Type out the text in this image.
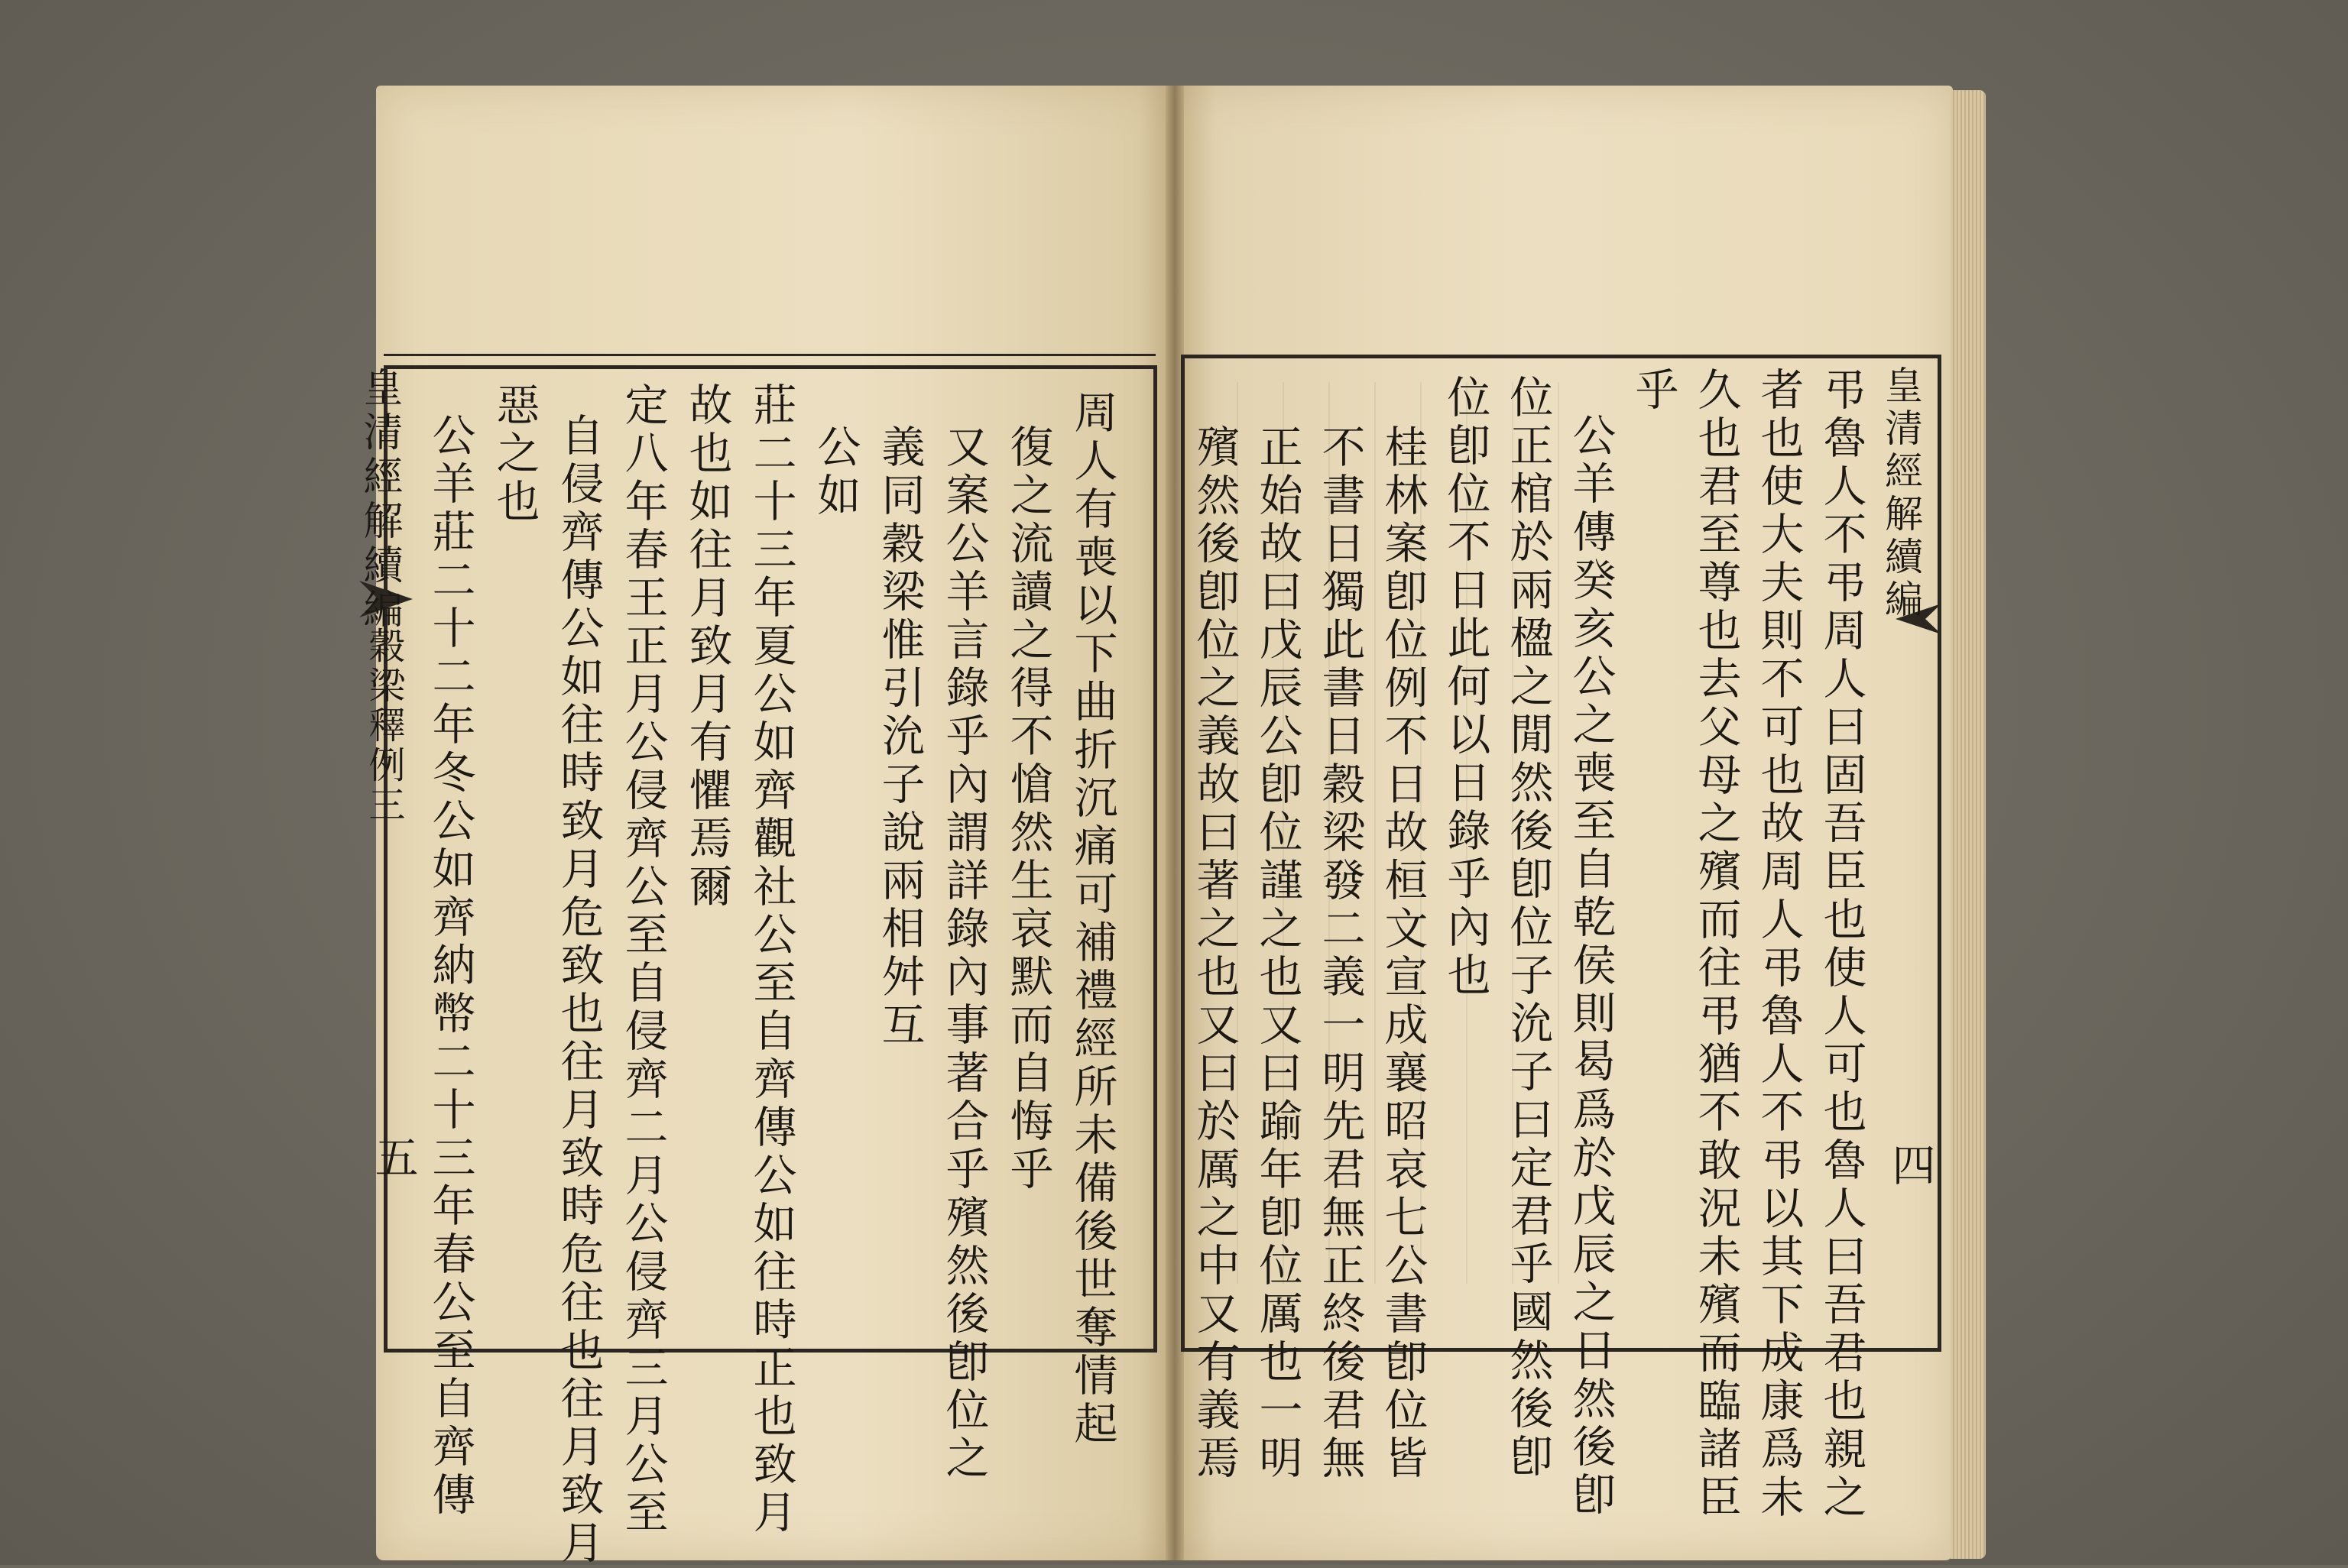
皇清經解續編
穀梁釋例三
五 公羊莊二十二年冬公如齊納幣二十三年春公至自齊傳 惡之也 自侵齊傳公如往時致月危致也往月致時危往也往月致月 定八年春王正月公侵齊公至自侵齊二月公侵齊三月公至 故也如往月致月有懼焉爾 莊二十三年夏公如齊觀社公至自齊傳公如往時正也致月 公如 義同穀梁惟引沇子說兩相舛互 又案公羊言錄乎內謂詳錄內事著合乎殯然後卽位之 復之流讀之得不愴然生哀默而自悔乎 周人有喪以下曲折沉痛可補禮經所未備後世奪情起	弔魯人不弔周人曰固吾臣也使人可也魯人曰吾君也親之
者也使大夫則不可也故周人弔魯人不弔以其下成康爲未
久也君至尊也去父母之殯而往弔猶不敢況未殯而臨諸臣
乎
公羊傳癸亥公之喪至自乾侯則曷爲於戊辰之日然後卽
位正棺於兩楹之閒然後卽位子沇子曰定君乎國然後卽
位卽位不日此何以日錄乎內也
桂林案卽位例不日故桓文宣成襄昭哀七公書卽位皆
不書日獨此書日穀梁發二義一明先君無正終後君無
正始故曰戊辰公卽位謹之也又曰踰年卽位厲也一明
殯然後卽位之義故曰著之也又曰於厲之中又有義焉	皇清經解續編
四
